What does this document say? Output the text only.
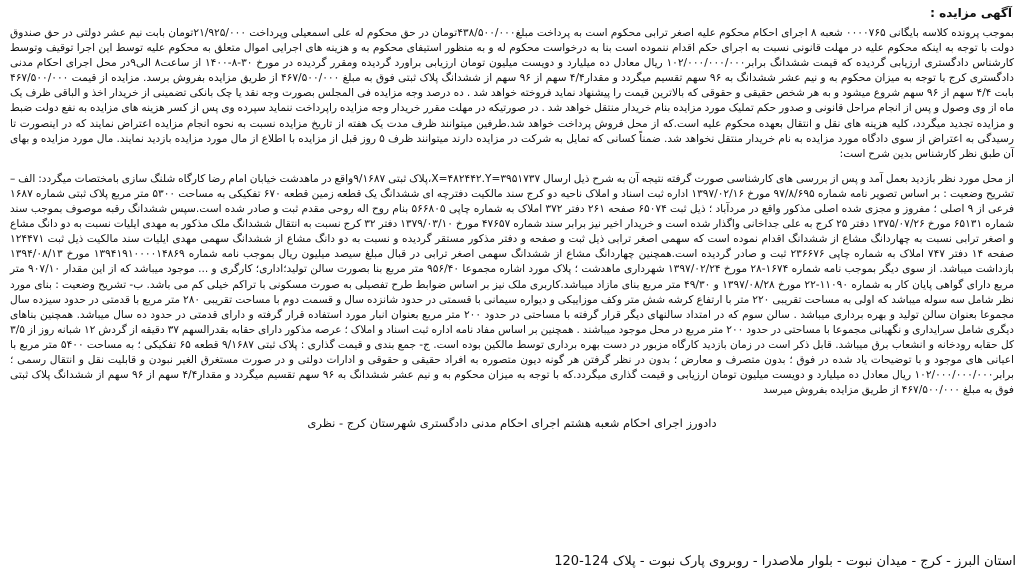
آگهی مزایده :

بموجب پرونده کلاسه بایگانی ۰۰۰۰۷۶۵ شعبه ۸ اجرای احکام محکوم علیه اصغر ترابی محکوم است به پرداخت مبلغ۴۳۸/۵۰۰/۰۰۰تومان در حق محکوم له علی اسمعیلی وپرداخت ۲۱/۹۲۵/۰۰۰تومان بابت نیم عشر دولتی در حق صندوق دولت با توجه به اینکه محکوم علیه در مهلت قانونی نسبت به اجرای حکم اقدام ننموده است بنا به درخواست محکوم له و به منظور استیفای محکوم به و هزینه های اجرایی اموال متعلق به محکوم علیه توسط این اجرا توقیف وتوسط کارشناس دادگستری ارزیابی گردیده که قیمت ششدانگ برابر۱۰۲/۰۰۰/۰۰۰/۰۰۰ ریال معادل ده میلیارد و دویست میلیون تومان ارزیابی براورد گردیده ومقرر گردیده در مورخ ۳۰-۸-۱۴۰۰ از ساعت۸ الی۹در محل اجرای احکام مدنی دادگستری کرج با توجه به میزان محکوم به و نیم عشر ششدانگ به ۹۶ سهم تقسیم میگردد و مقدار۴/۴ سهم از ۹۶ سهم از ششدانگ پلاک ثبتی فوق به مبلغ ۴۶۷/۵۰۰/۰۰۰ از طریق مزایده بفروش برسد. مزایده از قیمت ۴۶۷/۵۰۰/۰۰۰ بابت ۴/۴ سهم از ۹۶ سهم شروع میشود و به هر شخص حقیقی و حقوقی که بالاترین قیمت را پیشنهاد نماید فروخته خواهد شد . ده درصد وجه مزایده فی المجلس بصورت وجه نقد یا چک بانکی تضمینی از خریدار اخذ و الباقی ظرف یک ماه از وی وصول و پس از انجام مراحل قانونی و صدور حکم تملیک مورد مزایده بنام خریدار منتقل خواهد شد . در صورتیکه در مهلت مقرر خریدار وجه مزایده راپرداخت ننماید سپرده وی پس از کسر هزینه های مزایده به نفع دولت ضبط و مزایده تجدید میگردد، کلیه هزینه های نقل و انتقال بعهده محکوم علیه است.که از محل فروش پرداخت خواهد شد.طرفین میتوانند ظرف مدت یک هفته از تاریخ مزایده نسبت به نحوه انجام مزایده اعتراض نمایند که در اینصورت تا رسیدگی به اعتراض از سوی دادگاه مورد مزایده به نام خریدار منتقل نخواهد شد. ضمناً کسانی که تمایل به شرکت در مزایده دارند میتوانند ظرف ۵ روز قبل از مزایده با اطلاع از مال مورد مزایده بازدید نمایند. مال مورد مزایده و بهای آن طبق نظر کارشناس بدین شرح است:

از محل مورد نظر بازدید بعمل آمد و پس از بررسی های کارشناسی صورت گرفته نتیجه آن به شرح ذیل ارسال X=۴۸۲۴۴۲.Y=۳۹۵۱۷۳۷،پلاک ثبتی ۹/۱۶۸۷واقع در ماهدشت خیابان امام رضا کارگاه شلنگ سازی بامختصات میگردد: الف – تشریح وضعیت : بر اساس تصویر نامه شماره ۹۷/۸/۶۹۵ مورخ ۱۳۹۷/۰۲/۱۶ اداره ثبت اسناد و املاک ناحیه دو کرج سند مالکیت دفترچه ای ششدانگ یک قطعه زمین قطعه ۶۷۰ تفکیکی به مساحت ۵۳۰۰ متر مربع پلاک ثبتی شماره ۱۶۸۷ فرعی از ۹ اصلی ؛ مفروز و مجزی شده اصلی مذکور واقع در مردآباد ؛ ذیل ثبت ۶۵۰۷۴ صفحه ۲۶۱ دفتر ۳۷۲ املاک به شماره چاپی ۵۶۶۸۰۵ بنام روح اله روحی مقدم ثبت و صادر شده است.سپس ششدانگ رقبه موصوف بموجب سند شماره ۶۵۱۳۱ مورخ ۱۳۷۵/۰۷/۲۶ دفتر ۲۵ کرج به علی جداخانی واگذار شده است و خریدار اخیر نیز برابر سند شماره ۴۷۶۵۷ مورخ ۱۳۷۹/۰۳/۱۰ دفتر ۳۲ کرج نسبت به انتقال ششدانگ ملک مذکور به مهدی ایلیات نسبت به دو دانگ مشاع و اصغر ترابی نسبت به چهاردانگ مشاع از ششدانگ اقدام نموده است که سهمی اصغر ترابی ذیل ثبت و صفحه و دفتر مذکور مستقر گردیده و نسبت به دو دانگ مشاع از ششدانگ سهمی مهدی ایلیات سند مالکیت ذیل ثبت ۱۲۴۴۷۱ صفحه ۱۴ دفتر ۷۴۷ املاک به شماره چاپی ۲۳۶۶۷۶ ثبت و صادر گردیده است.همچنین چهاردانگ مشاع از ششدانگ سهمی اصغر ترابی در قبال مبلغ سیصد میلیون ریال بموجب نامه شماره ۱۳۹۴۱۹۱۰۰۰۰۱۴۸۶۹ مورخ ۱۳۹۴/۰۸/۱۳ بازداشت میباشد. از سوی دیگر بموجب نامه شماره ۱۶۷۴-۲۸ مورخ ۱۳۹۷/۰۲/۲۴ شهرداری ماهدشت ؛ پلاک مورد اشاره مجموعا ۹۵۶/۴۰ متر مربع بنا بصورت سالن تولید؛اداری؛ کارگری و ... موجود میباشد که از این مقدار ۹۰۷/۱۰ متر مربع دارای گواهی پایان کار به شماره ۱۱۰۹۰-۲۲ مورخ ۱۳۹۷/۰۸/۲۸ و ۴۹/۳۰ متر مربع بنای مازاد میباشد.کاربری ملک نیز بر اساس ضوابط طرح تفصیلی به صورت مسکونی با تراکم خیلی کم می باشد. ب- تشریح وضعیت : بنای مورد نظر شامل سه سوله میباشد که اولی به مساحت تقریبی ۲۲۰ متر با ارتفاع کرشه شش متر وکف موزاییکی و دیواره سیمانی با قسمتی در حدود شانزده سال و قسمت دوم با مساحت تقریبی ۲۸۰ متر مربع با قدمتی در حدود سیزده سال مجموعا بعنوان سالن تولید و بهره برداری میباشد . سالن سوم که در امتداد سالنهای دیگر قرار گرفته با مساحتی در حدود ۲۰۰ متر مربع بعنوان انبار مورد استفاده قرار گرفته و دارای قدمتی در حدود ده سال میباشد. همچنین بناهای دیگری شامل سرایداری و نگهبانی مجموعا با مساحتی در حدود ۲۰۰ متر مربع در محل موجود میباشند . همچنین بر اساس مفاد نامه اداره ثبت اسناد و املاک ؛ عرصه مذکور دارای حقابه بقدرالسهم ۳۷ دقیقه از گردش ۱۲ شبانه روز از ۳/۵ کل حقابه رودخانه و انشعاب برق میباشد. قابل ذکر است در زمان بازدید کارگاه مزبور در دست بهره برداری توسط مالکین بوده است. ج- جمع بندی و قیمت گذاری : پلاک ثبتی ۹/۱۶۸۷ قطعه ۶۵ تفکیکی ؛ به مساحت ۵۴۰۰ متر مربع با اعیانی های موجود و با توضیحات یاد شده در فوق ؛ بدون متصرف و معارض ؛ بدون در نظر گرفتن هر گونه دیون متصوره به افراد حقیقی و حقوقی و ادارات دولتی و در صورت مستغرق الغیر نبودن و قابلیت نقل و انتقال رسمی ؛ برابر۱۰۲/۰۰۰/۰۰۰/۰۰۰ ریال معادل ده میلیارد و دویست میلیون تومان ارزیابی و قیمت گذاری میگردد.که با توجه به میزان محکوم به و نیم عشر ششدانگ به ۹۶ سهم تقسیم میگردد و مقدار۴/۴ سهم از ۹۶ سهم از ششدانگ پلاک ثبتی فوق به مبلغ ۴۶۷/۵۰۰/۰۰۰ از طریق مزایده بفروش میرسد

دادورز اجرای احکام شعبه هشتم اجرای احکام مدنی دادگستری شهرستان کرج - نظری
استان البرز - کرج - میدان نبوت - بلوار ملاصدرا - روبروی پارک نبوت - پلاک 124-120
